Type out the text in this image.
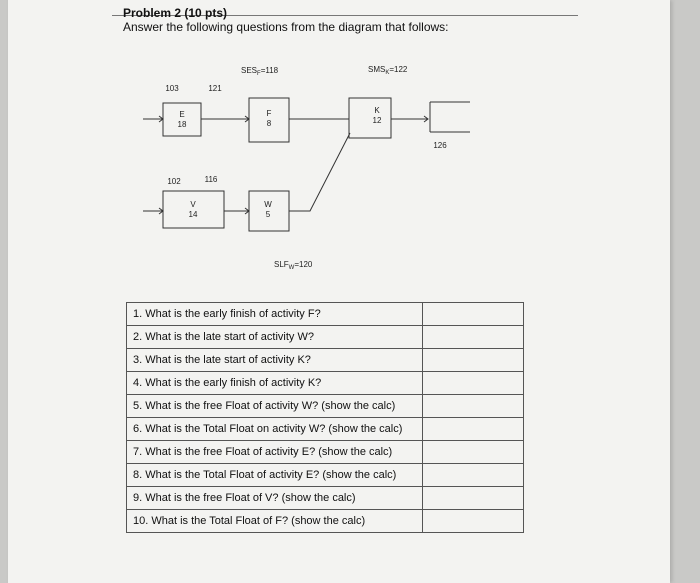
Problem 2 (10 pts)
Answer the following questions from the diagram that follows:
E
18
103	121
F
8
K
12
V
14
102	116
W
5
126
$SES_F=118$	$SMS_K=122$
$SLF_W=120$
1. What is the early finish of activity F?	
2. What is the late start of activity W?	
3. What is the late start of activity K?	
4. What is the early finish of activity K?	
5. What is the free Float of activity W? (show the calc)	
6. What is the Total Float on activity W? (show the calc)	
7. What is the free Float of activity E? (show the calc)	
8. What is the Total Float of activity E? (show the calc)	
9. What is the free Float of V? (show the calc)	
10. What is the Total Float of F? (show the calc)	
